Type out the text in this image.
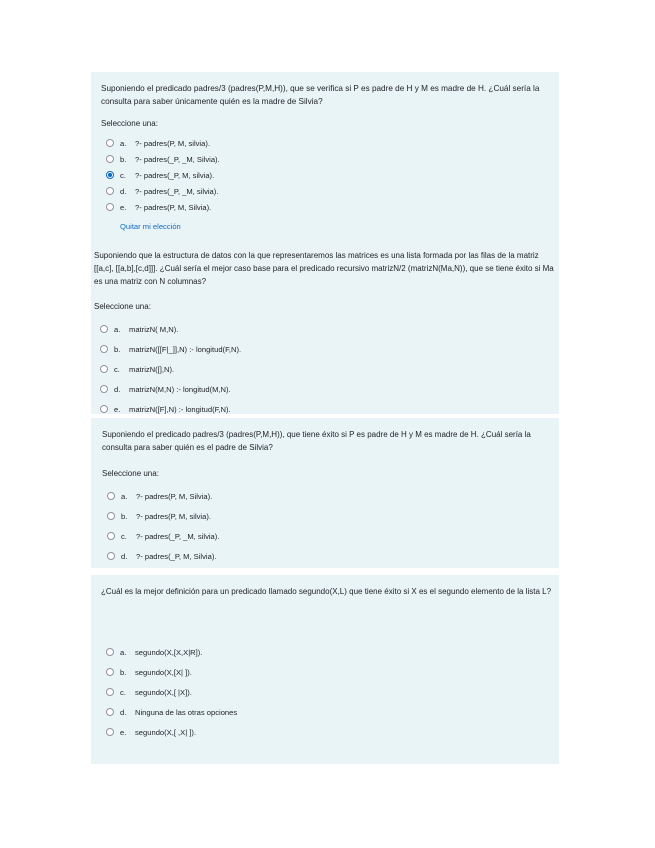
Suponiendo el predicado padres/3 (padres(P,M,H)), que se verifica si P es padre de H y M es madre de H. ¿Cuál sería la consulta para saber únicamente quién es la madre de Silvia?

Seleccione una:
a.	?- padres(P, M, silvia).
b.	?- padres(_P, _M, Silvia).
c.	?- padres(_P, M, silvia).
d.	?- padres(_P, _M, silvia).
e.	?- padres(P, M, Silvia).
Quitar mi elección

Suponiendo que la estructura de datos con la que representaremos las matrices es una lista formada por las filas de la matriz [[a,c], [[a,b],[c,d]]]. ¿Cuál sería el mejor caso base para el predicado recursivo matrizN/2 (matrizN(Ma,N)), que se tiene éxito si Ma es una matriz con N columnas?

Seleccione una:
a.	matrizN( M,N).
b.	matrizN([[F|_]],N) :- longitud(F,N).
c.	matrizN([],N).
d.	matrizN(M,N) :- longitud(M,N).
e.	matrizN([F],N) :- longitud(F,N).

Suponiendo el predicado padres/3 (padres(P,M,H)), que tiene éxito si P es padre de H y M es madre de H. ¿Cuál sería la consulta para saber quién es el padre de Silvia?

Seleccione una:
a.	?- padres(P, M, Silvia).
b.	?- padres(P, M, silvia).
c.	?- padres(_P, _M, silvia).
d.	?- padres(_P, M, Silvia).

¿Cuál es la mejor definición para un predicado llamado segundo(X,L) que tiene éxito si X es el segundo elemento de la lista L?

a.	segundo(X,[X,X|R]).
b.	segundo(X,[X| ]).
c.	segundo(X,[ |X]).
d.	Ninguna de las otras opciones
e.	segundo(X,[ ,X| ]).
